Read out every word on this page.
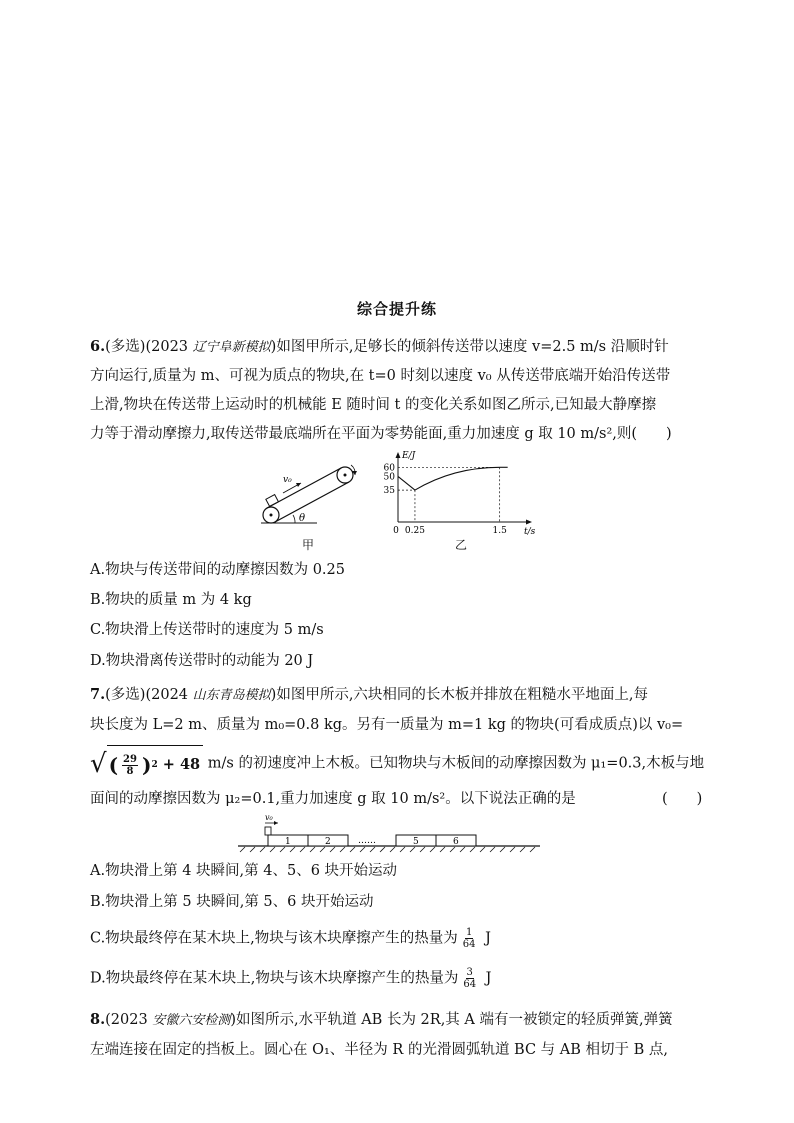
综合提升练
6.(多选)(2023 辽宁阜新模拟)如图甲所示,足够长的倾斜传送带以速度 v=2.5 m/s 沿顺时针
方向运行,质量为 m、可视为质点的物块,在 t=0 时刻以速度 v₀ 从传送带底端开始沿传送带
上滑,物块在传送带上运动时的机械能 E 随时间 t 的变化关系如图乙所示,已知最大静摩擦
力等于滑动摩擦力,取传送带最底端所在平面为零势能面,重力加速度 g 取 10 m/s²,则(　　)
v₀
θ
甲
E/J
t/s
60
50
35
0 0.25	1.5
乙
A.物块与传送带间的动摩擦因数为 0.25
B.物块的质量 m 为 4 kg
C.物块滑上传送带时的速度为 5 m/s
D.物块滑离传送带时的动能为 20 J
7.(多选)(2024 山东青岛模拟)如图甲所示,六块相同的长木板并排放在粗糙水平地面上,每
块长度为 L=2 m、质量为 m₀=0.8 kg。另有一质量为 m=1 kg 的物块(可看成质点)以 v₀=
√ ( $\frac{29}{8}$ ) 2
+ 48 m/s 的初速度冲上木板。已知物块与木板间的动摩擦因数为 μ₁=0.3,木板与地
面间的动摩擦因数为 μ₂=0.1,重力加速度 g 取 10 m/s²。以下说法正确的是	(　　)
v₀
1	2	……	5	6
A.物块滑上第 4 块瞬间,第 4、5、6 块开始运动
B.物块滑上第 5 块瞬间,第 5、6 块开始运动
C.物块最终停在某木块上,物块与该木块摩擦产生的热量为 $\frac{1}{64}$ J
D.物块最终停在某木块上,物块与该木块摩擦产生的热量为 $\frac{3}{64}$ J
8.(2023 安徽六安检测)如图所示,水平轨道 AB 长为 2R,其 A 端有一被锁定的轻质弹簧,弹簧
左端连接在固定的挡板上。圆心在 O₁、半径为 R 的光滑圆弧轨道 BC 与 AB 相切于 B 点,
